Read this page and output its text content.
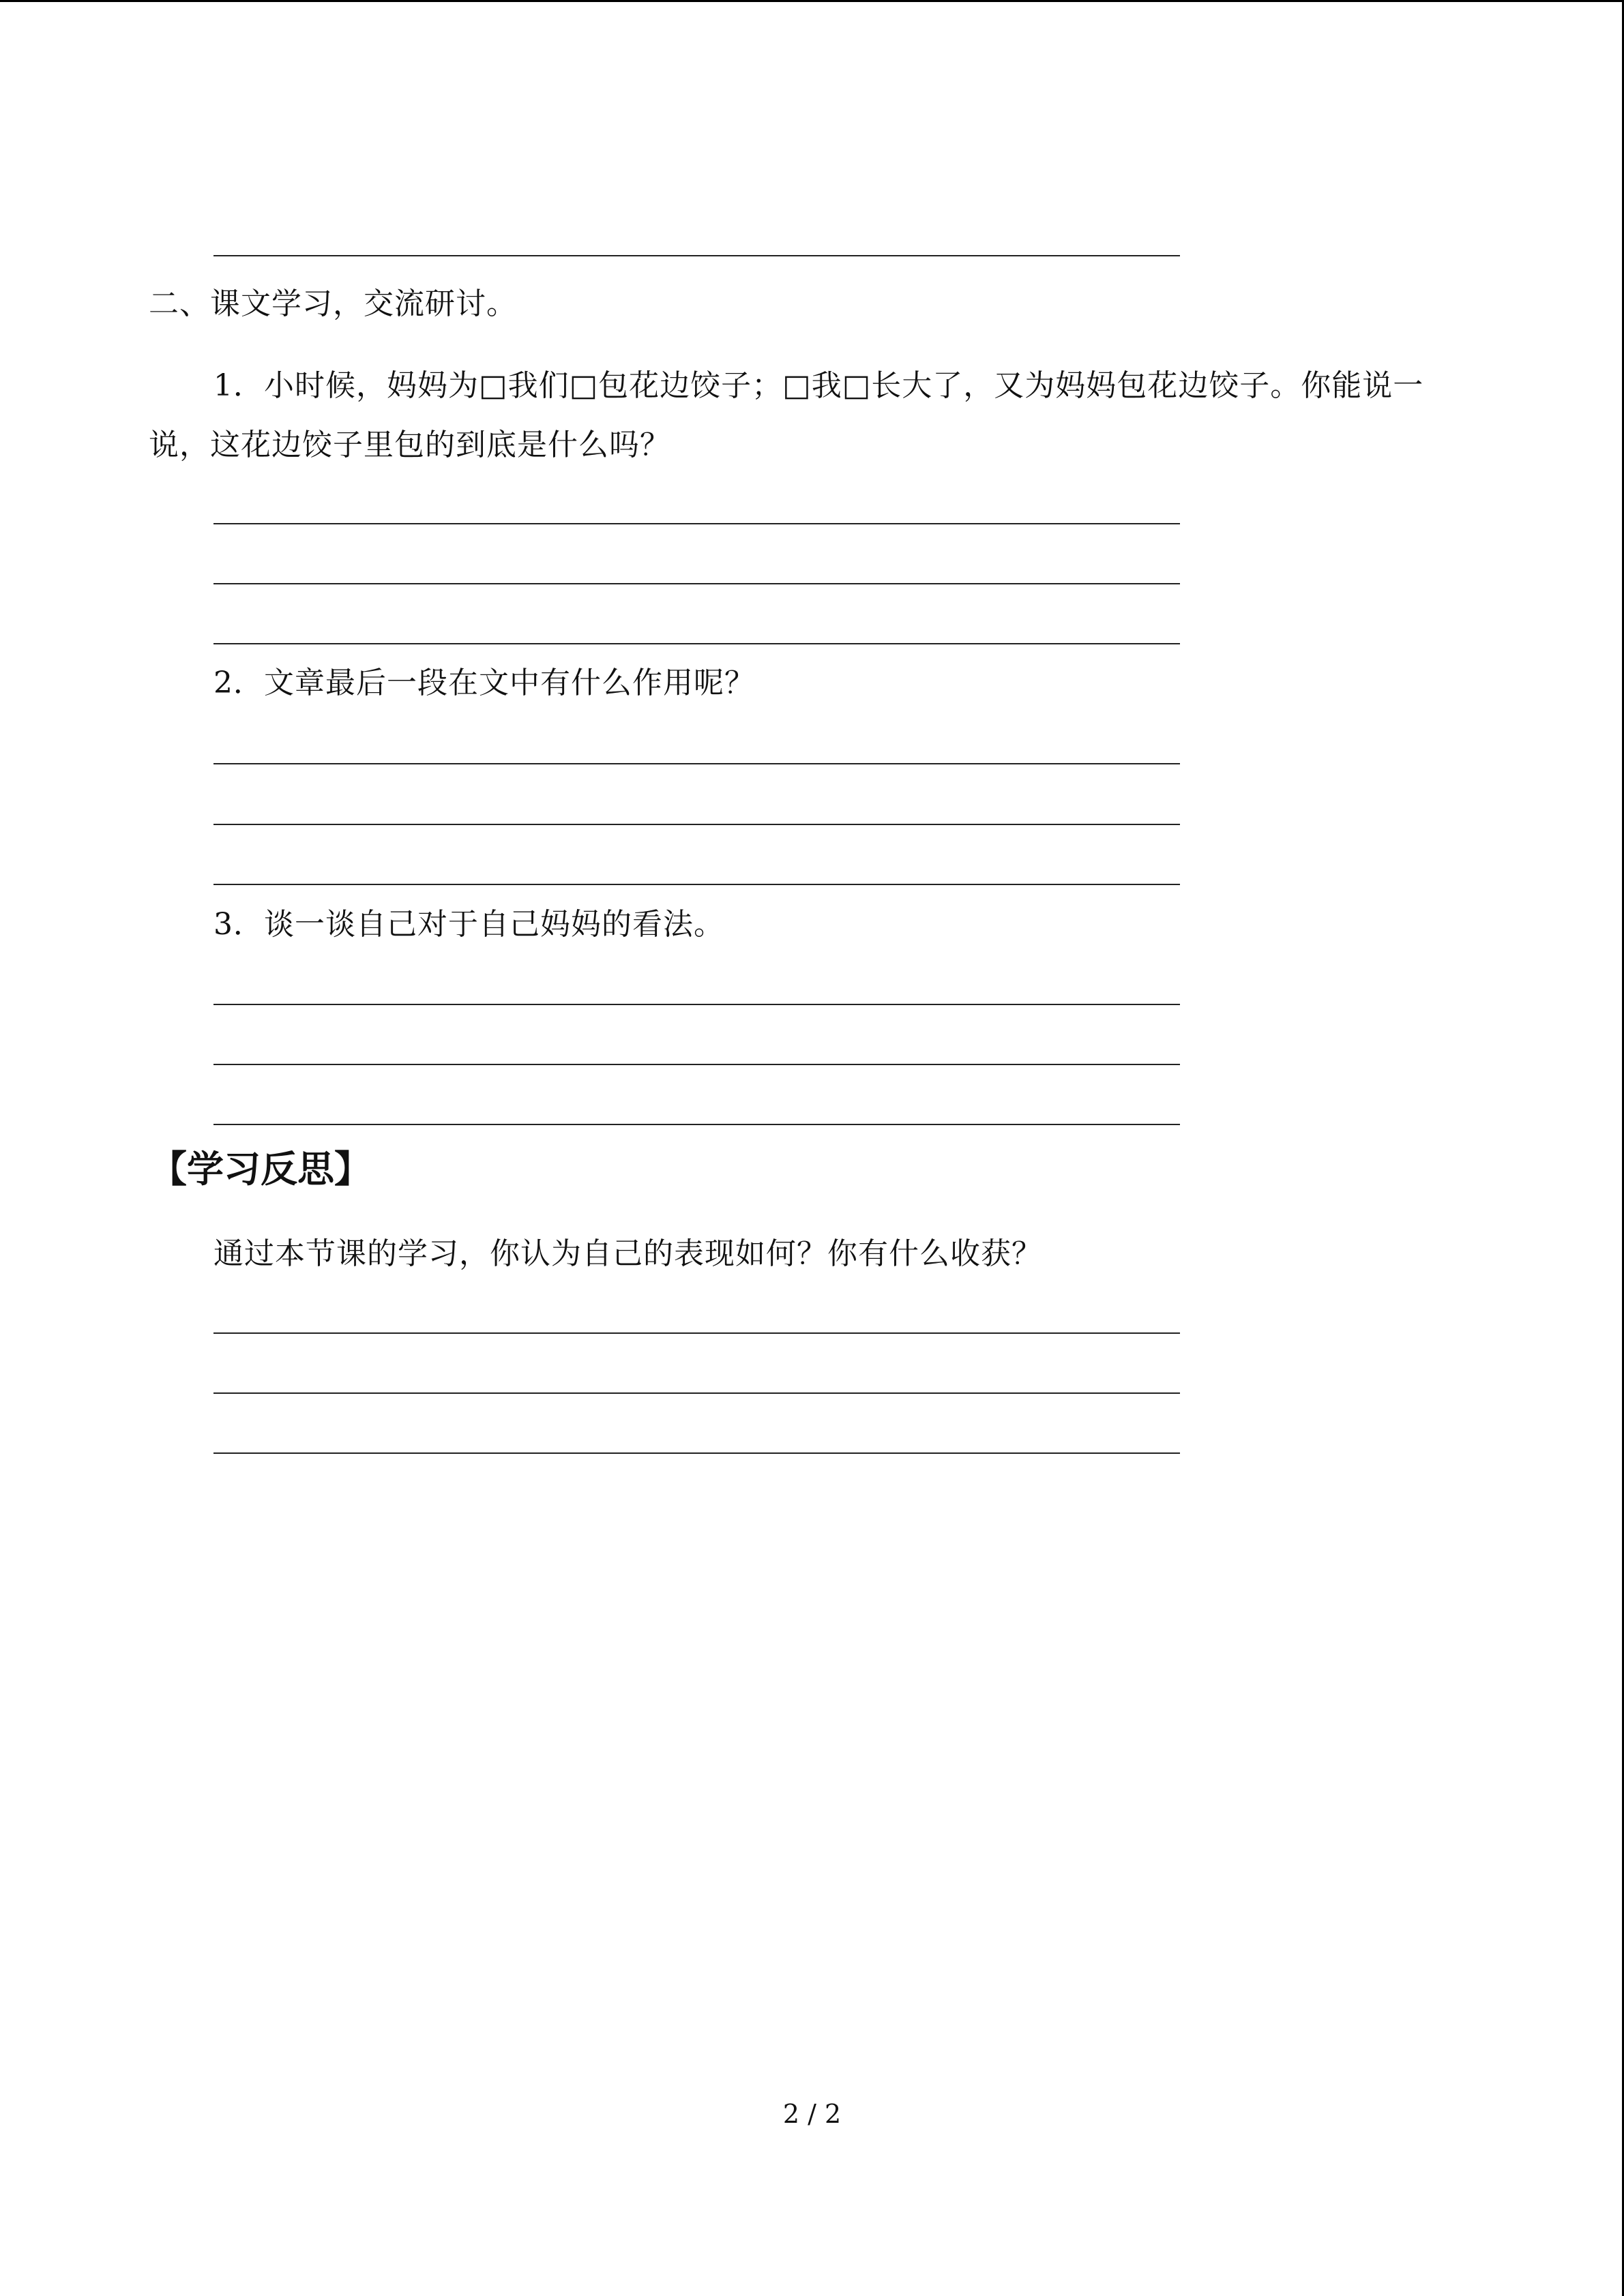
二、课文学习，交流研讨。
1．小时候，妈妈为□我们□包花边饺子；□我□长大了，又为妈妈包花边饺子。你能说一
说，这花边饺子里包的到底是什么吗？
2．文章最后一段在文中有什么作用呢？
3．谈一谈自己对于自己妈妈的看法。
【学习反思】
通过本节课的学习，你认为自己的表现如何？你有什么收获？
2 / 2
